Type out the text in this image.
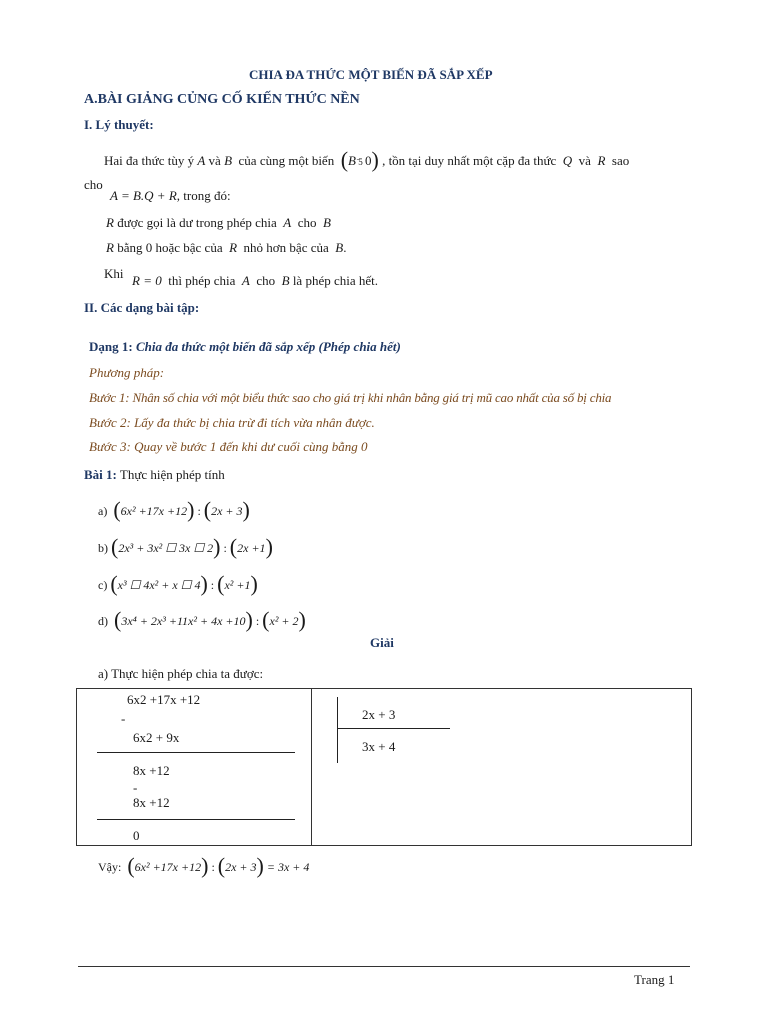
CHIA ĐA THỨC MỘT BIẾN ĐÃ SẮP XẾP
A.BÀI GIẢNG CỦNG CỐ KIẾN THỨC NỀN
I. Lý thuyết:
Hai đa thức tùy ý A và B của cùng một biến (B ̄5 0) , tồn tại duy nhất một cặp đa thức Q và R sao
cho
A = B.Q + R, trong đó:
R được gọi là dư trong phép chia A cho B
R bằng 0 hoặc bậc của R nhỏ hơn bậc của B.
Khi R = 0 thì phép chia A cho B là phép chia hết.
II. Các dạng bài tập:
Dạng 1: Chia đa thức một biến đã sắp xếp (Phép chia hết)
Phương pháp:
Bước 1: Nhân số chia với một biểu thức sao cho giá trị khi nhân bằng giá trị mũ cao nhất của số bị chia
Bước 2: Lấy đa thức bị chia trừ đi tích vừa nhân được.
Bước 3: Quay về bước 1 đến khi dư cuối cùng bằng 0
Bài 1: Thực hiện phép tính
a) (6x² +17x +12) : (2x + 3)
b) (2x³ + 3x² ☐ 3x ☐ 2) : (2x +1)
c) (x³ ☐ 4x² + x ☐ 4) : (x² +1)
d) (3x⁴ + 2x³ +11x² + 4x +10) : (x² + 2)
Giải
a) Thực hiện phép chia ta được:
6x2 +17x +12
-
6x2 + 9x
8x +12
-
8x +12
0

2x + 3
3x + 4
Vậy: (6x² +17x +12) : (2x + 3) = 3x + 4
Trang 1
